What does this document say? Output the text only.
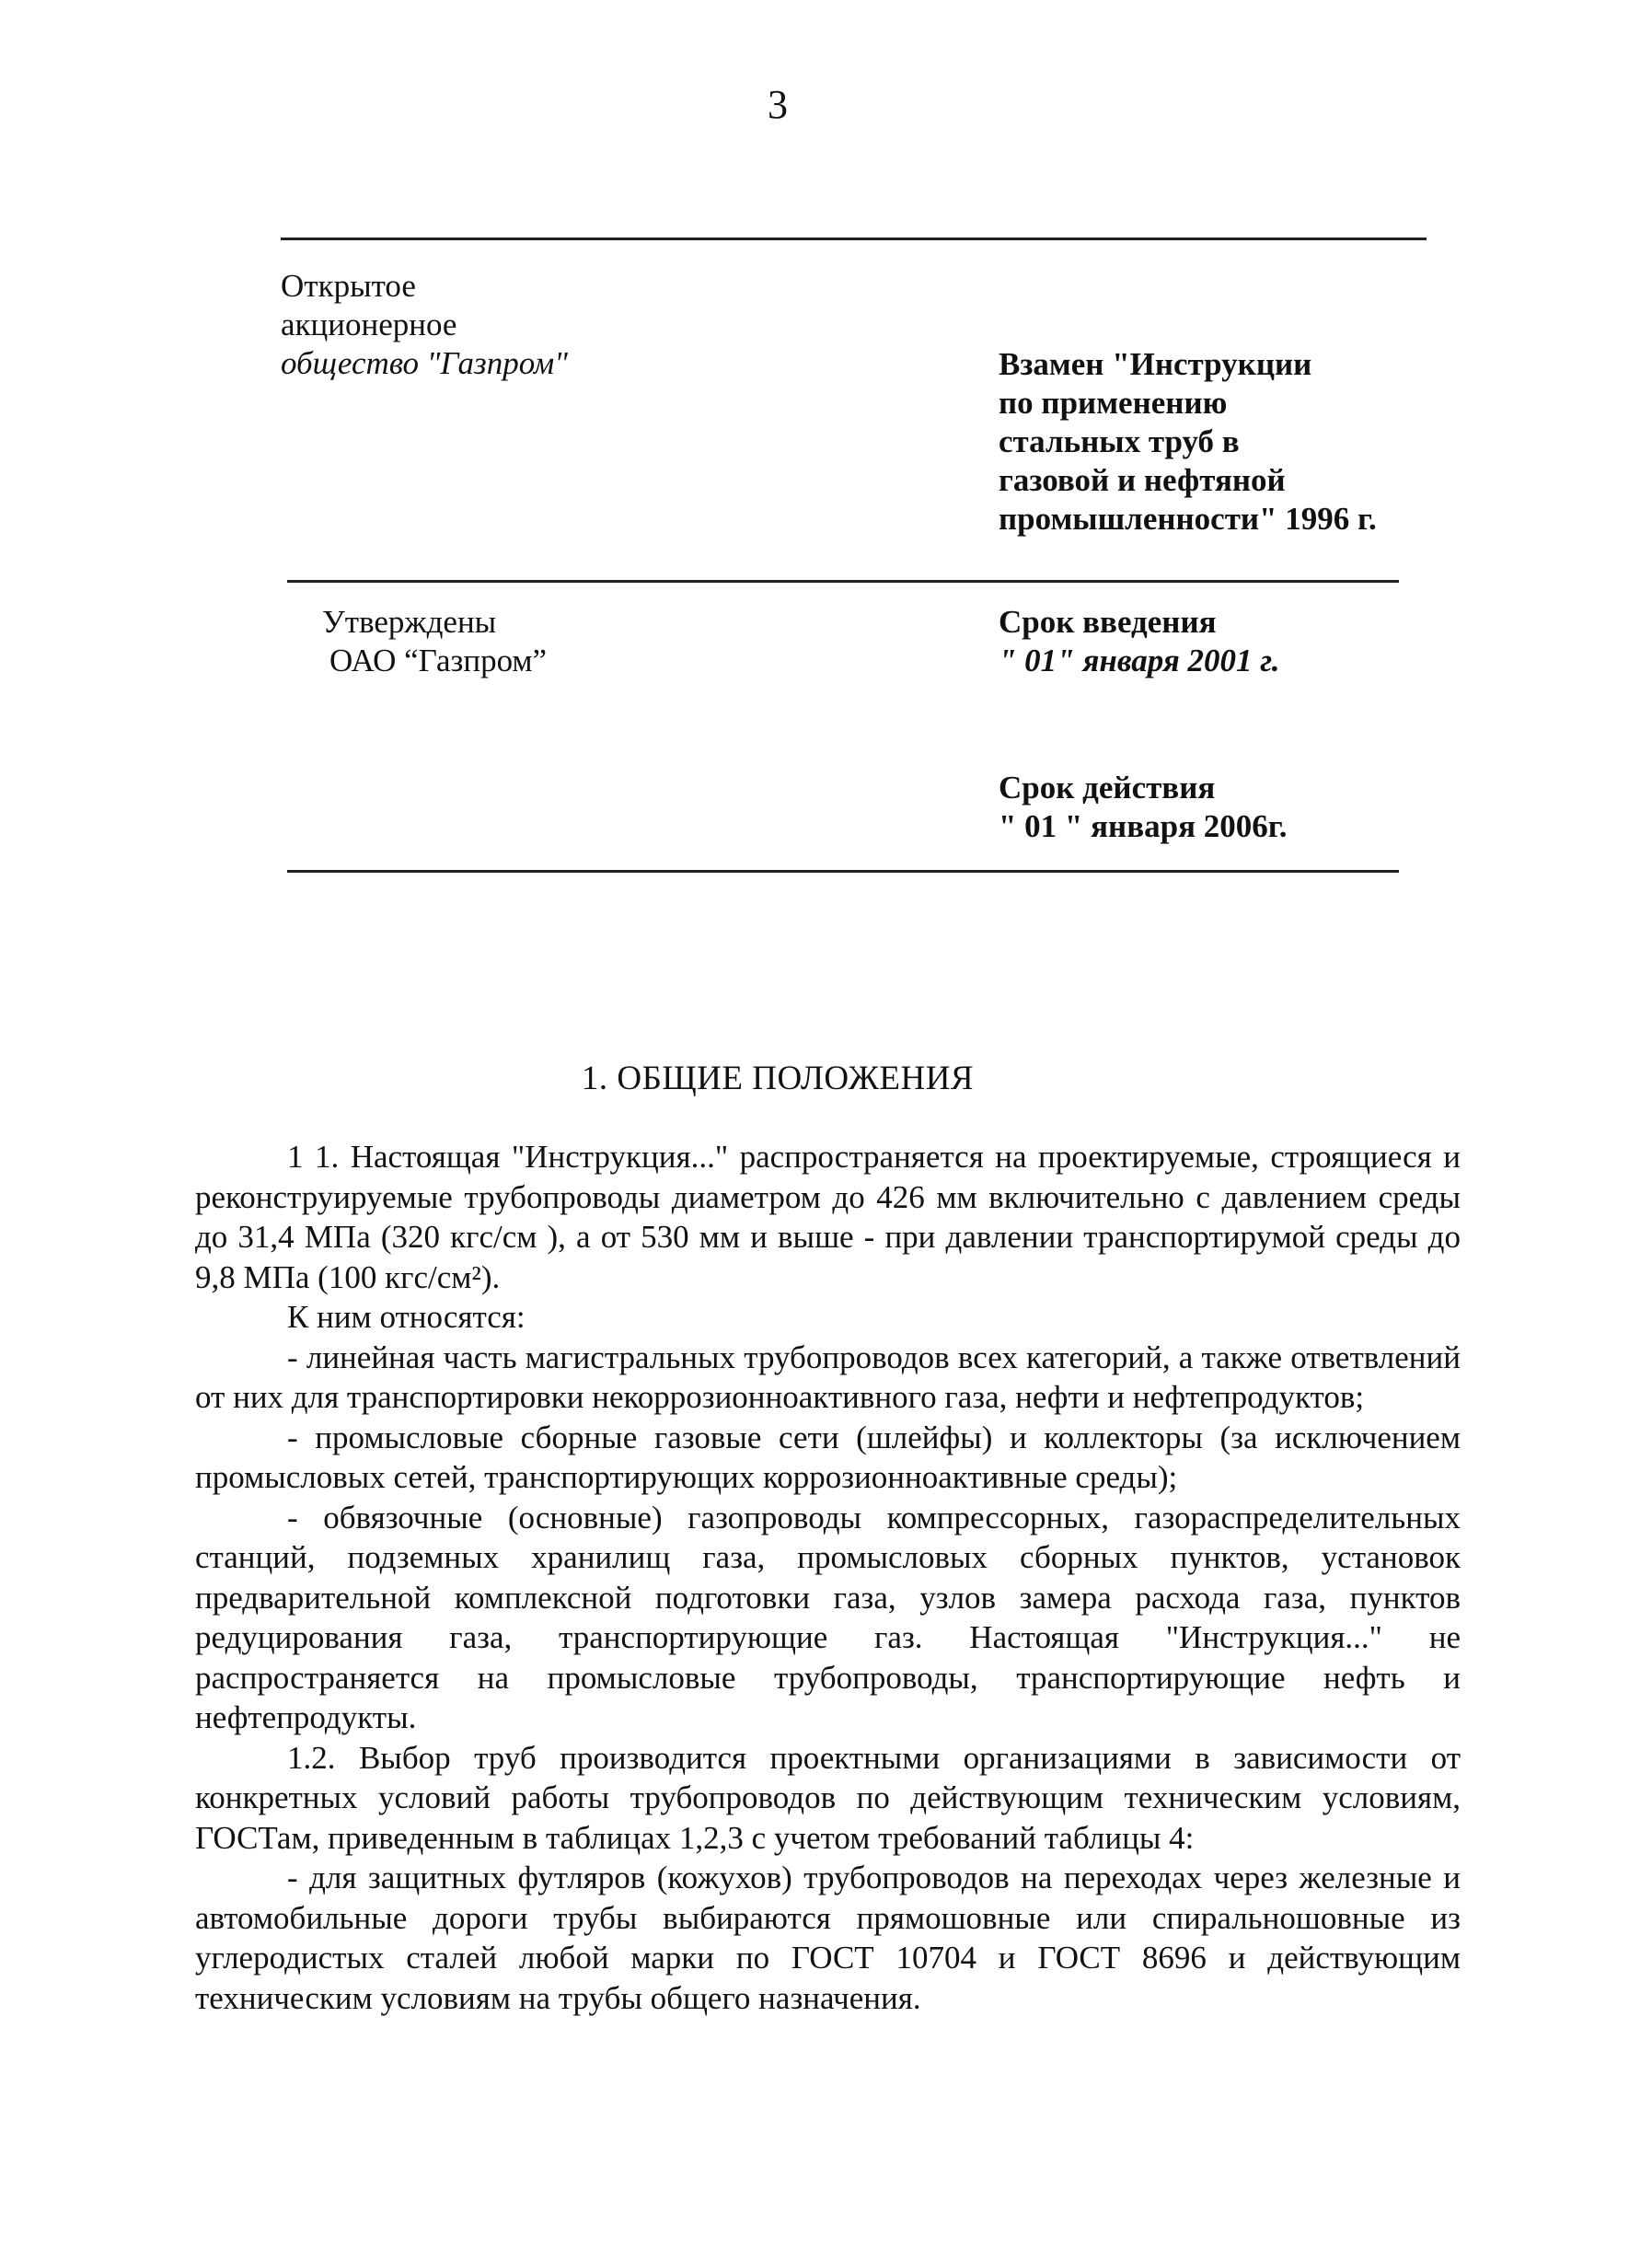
3
Открытое
акционерное
общество "Газпром"	Взамен "Инструкции
по применению
стальных труб в
газовой и нефтяной
промышленности" 1996 г.
Утверждены
ОАО “Газпром”
Срок введения
" 01" января 2001 г.
Срок действия
" 01 " января 2006г.
1. ОБЩИЕ ПОЛОЖЕНИЯ

1 1. Настоящая "Инструкция..." распространяется на проектируемые, строящиеся и реконструируемые трубопроводы диаметром до 426 мм включительно с давлением среды до 31,4 МПа (320 кгс/см ), а от 530 мм и выше - при давлении транспортирумой среды до 9,8 МПа (100 кгс/см²).

К ним относятся:

- линейная часть магистральных трубопроводов всех категорий, а также ответвлений от них для транспортировки некоррозионноактивного газа, нефти и нефтепродуктов;

- промысловые сборные газовые сети (шлейфы) и коллекторы (за исключением промысловых сетей, транспортирующих коррозионноактивные среды);

- обвязочные (основные) газопроводы компрессорных, газораспределительных станций, подземных хранилищ газа, промысловых сборных пунктов, установок предварительной комплексной подготовки газа, узлов замера расхода газа, пунктов редуцирования газа, транспортирующие газ. Настоящая "Инструкция..." не распространяется на промысловые трубопроводы, транспортирующие нефть и нефтепродукты.

1.2. Выбор труб производится проектными организациями в зависимости от конкретных условий работы трубопроводов по действующим техническим условиям, ГОСТам, приведенным в таблицах 1,2,3 с учетом требований таблицы 4:

- для защитных футляров (кожухов) трубопроводов на переходах через железные и автомобильные дороги трубы выбираются прямошовные или спиральношовные из углеродистых сталей любой марки по ГОСТ 10704 и ГОСТ 8696 и действующим техническим условиям на трубы общего назначения.
